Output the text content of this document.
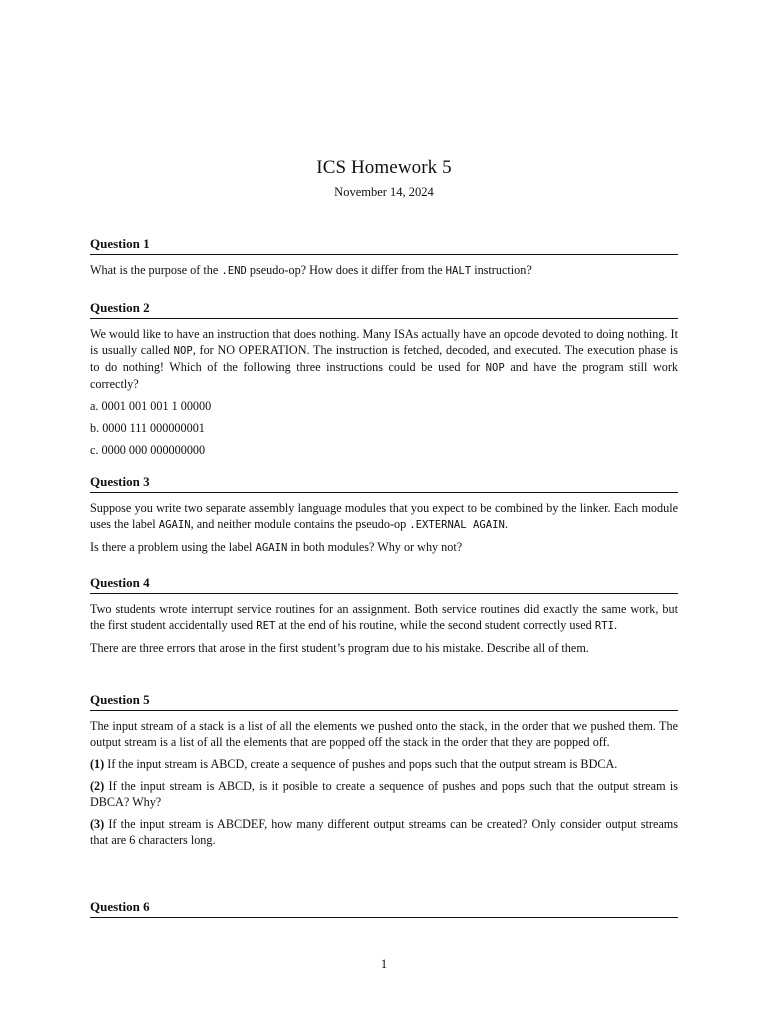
ICS Homework 5
November 14, 2024
Question 1

What is the purpose of the .END pseudo-op? How does it differ from the HALT instruction?

Question 2

We would like to have an instruction that does nothing. Many ISAs actually have an opcode devoted to doing nothing. It is usually called NOP, for NO OPERATION. The instruction is fetched, decoded, and executed. The execution phase is to do nothing! Which of the following three instructions could be used for NOP and have the program still work correctly?

a. 0001 001 001 1 00000

b. 0000 111 000000001

c. 0000 000 000000000

Question 3

Suppose you write two separate assembly language modules that you expect to be combined by the linker. Each module uses the label AGAIN, and neither module contains the pseudo-op .EXTERNAL AGAIN.

Is there a problem using the label AGAIN in both modules? Why or why not?

Question 4

Two students wrote interrupt service routines for an assignment. Both service routines did exactly the same work, but the first student accidentally used RET at the end of his routine, while the second student correctly used RTI.

There are three errors that arose in the first student’s program due to his mistake. Describe all of them.

Question 5

The input stream of a stack is a list of all the elements we pushed onto the stack, in the order that we pushed them. The output stream is a list of all the elements that are popped off the stack in the order that they are popped off.

(1) If the input stream is ABCD, create a sequence of pushes and pops such that the output stream is BDCA.

(2) If the input stream is ABCD, is it posible to create a sequence of pushes and pops such that the output stream is DBCA? Why?

(3) If the input stream is ABCDEF, how many different output streams can be created? Only consider output streams that are 6 characters long.

Question 6
1
